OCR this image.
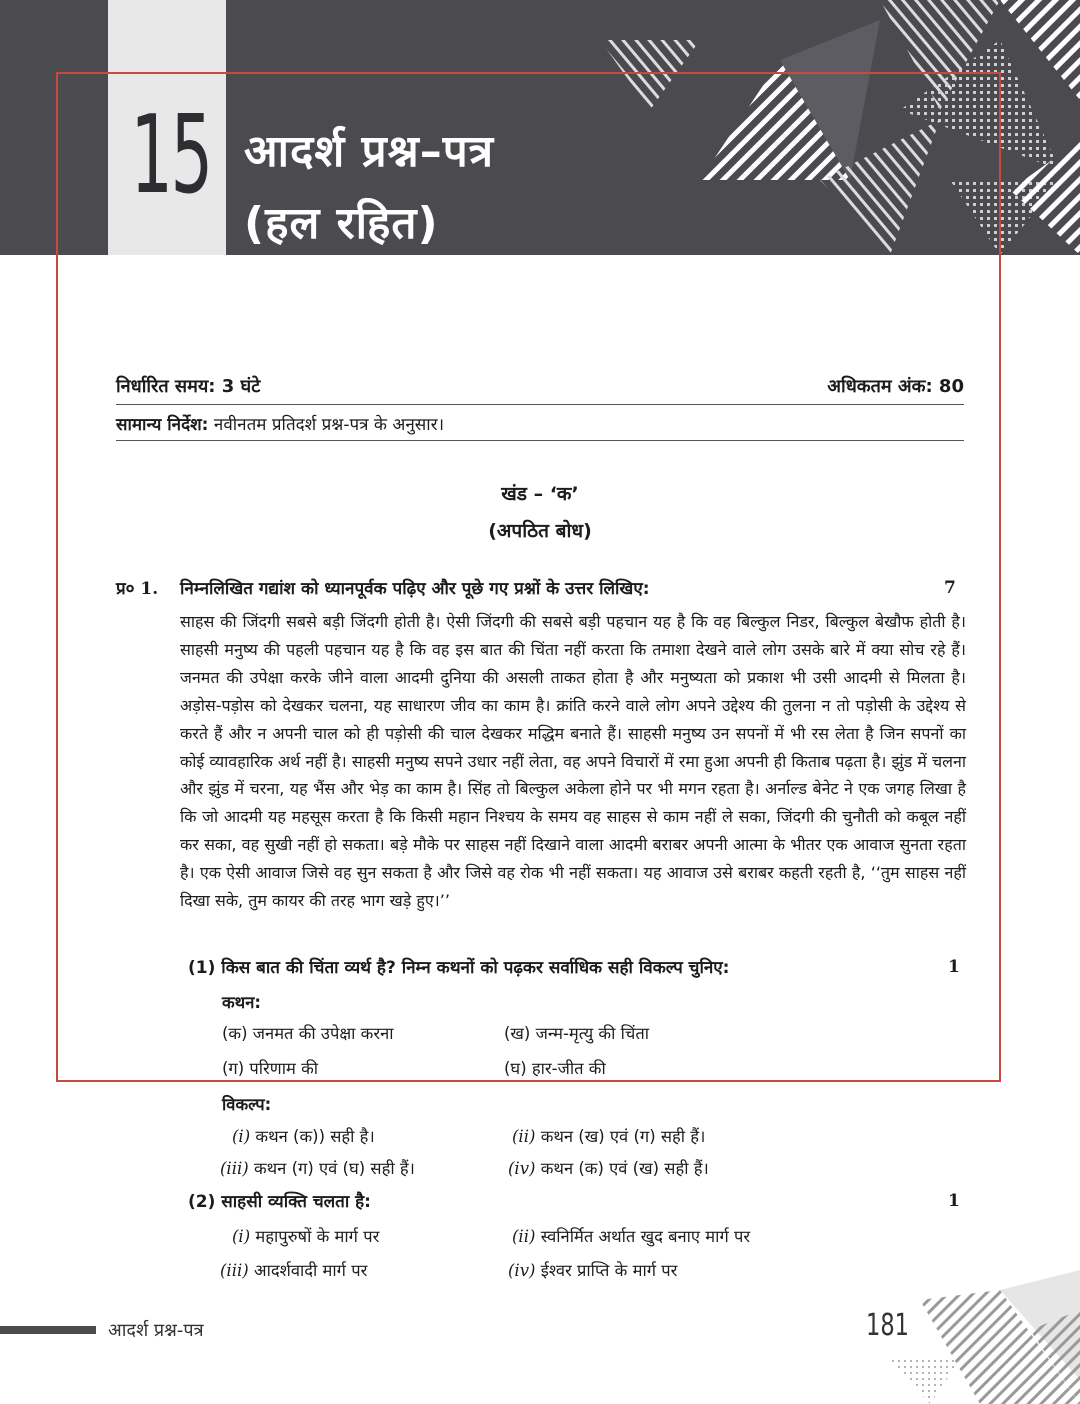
15 आदर्श प्रश्न–पत्र
(हल रहित)
निर्धारित समय: 3 घंटे	अधिकतम अंक: 80
सामान्य निर्देश: नवीनतम प्रतिदर्श प्रश्न-पत्र के अनुसार।
खंड – ‘क’
(अपठित बोध)
प्र० 1. निम्नलिखित गद्यांश को ध्यानपूर्वक पढ़िए और पूछे गए प्रश्नों के उत्तर लिखिए:	7
साहस की जिंदगी सबसे बड़ी जिंदगी होती है। ऐसी जिंदगी की सबसे बड़ी पहचान यह है कि वह बिल्कुल निडर, बिल्कुल बेखौफ होती है। साहसी मनुष्य की पहली पहचान यह है कि वह इस बात की चिंता नहीं करता कि तमाशा देखने वाले लोग उसके बारे में क्या सोच रहे हैं। जनमत की उपेक्षा करके जीने वाला आदमी दुनिया की असली ताकत होता है और मनुष्यता को प्रकाश भी उसी आदमी से मिलता है। अड़ोस-पड़ोस को देखकर चलना, यह साधारण जीव का काम है। क्रांति करने वाले लोग अपने उद्देश्य की तुलना न तो पड़ोसी के उद्देश्य से करते हैं और न अपनी चाल को ही पड़ोसी की चाल देखकर मद्धिम बनाते हैं। साहसी मनुष्य उन सपनों में भी रस लेता है जिन सपनों का कोई व्यावहारिक अर्थ नहीं है। साहसी मनुष्य सपने उधार नहीं लेता, वह अपने विचारों में रमा हुआ अपनी ही किताब पढ़ता है। झुंड में चलना और झुंड में चरना, यह भैंस और भेड़ का काम है। सिंह तो बिल्कुल अकेला होने पर भी मगन रहता है। अर्नाल्ड बेनेट ने एक जगह लिखा है कि जो आदमी यह महसूस करता है कि किसी महान निश्चय के समय वह साहस से काम नहीं ले सका, जिंदगी की चुनौती को कबूल नहीं कर सका, वह सुखी नहीं हो सकता। बड़े मौके पर साहस नहीं दिखाने वाला आदमी बराबर अपनी आत्मा के भीतर एक आवाज सुनता रहता है। एक ऐसी आवाज जिसे वह सुन सकता है और जिसे वह रोक भी नहीं सकता। यह आवाज उसे बराबर कहती रहती है, ‘‘तुम साहस नहीं दिखा सके, तुम कायर की तरह भाग खड़े हुए।’’
(1) किस बात की चिंता व्यर्थ है? निम्न कथनों को पढ़कर सर्वाधिक सही विकल्प चुनिए:	1
कथन:
(क) जनमत की उपेक्षा करना	(ख) जन्म-मृत्यु की चिंता
(ग) परिणाम की	(घ) हार-जीत की
विकल्प:
(i) कथन (क)) सही है।	(ii) कथन (ख) एवं (ग) सही हैं।
(iii) कथन (ग) एवं (घ) सही हैं।	(iv) कथन (क) एवं (ख) सही हैं।
(2) साहसी व्यक्ति चलता है:	1
(i) महापुरुषों के मार्ग पर	(ii) स्वनिर्मित अर्थात खुद बनाए मार्ग पर
(iii) आदर्शवादी मार्ग पर	(iv) ईश्वर प्राप्ति के मार्ग पर
आदर्श प्रश्न-पत्र	181
